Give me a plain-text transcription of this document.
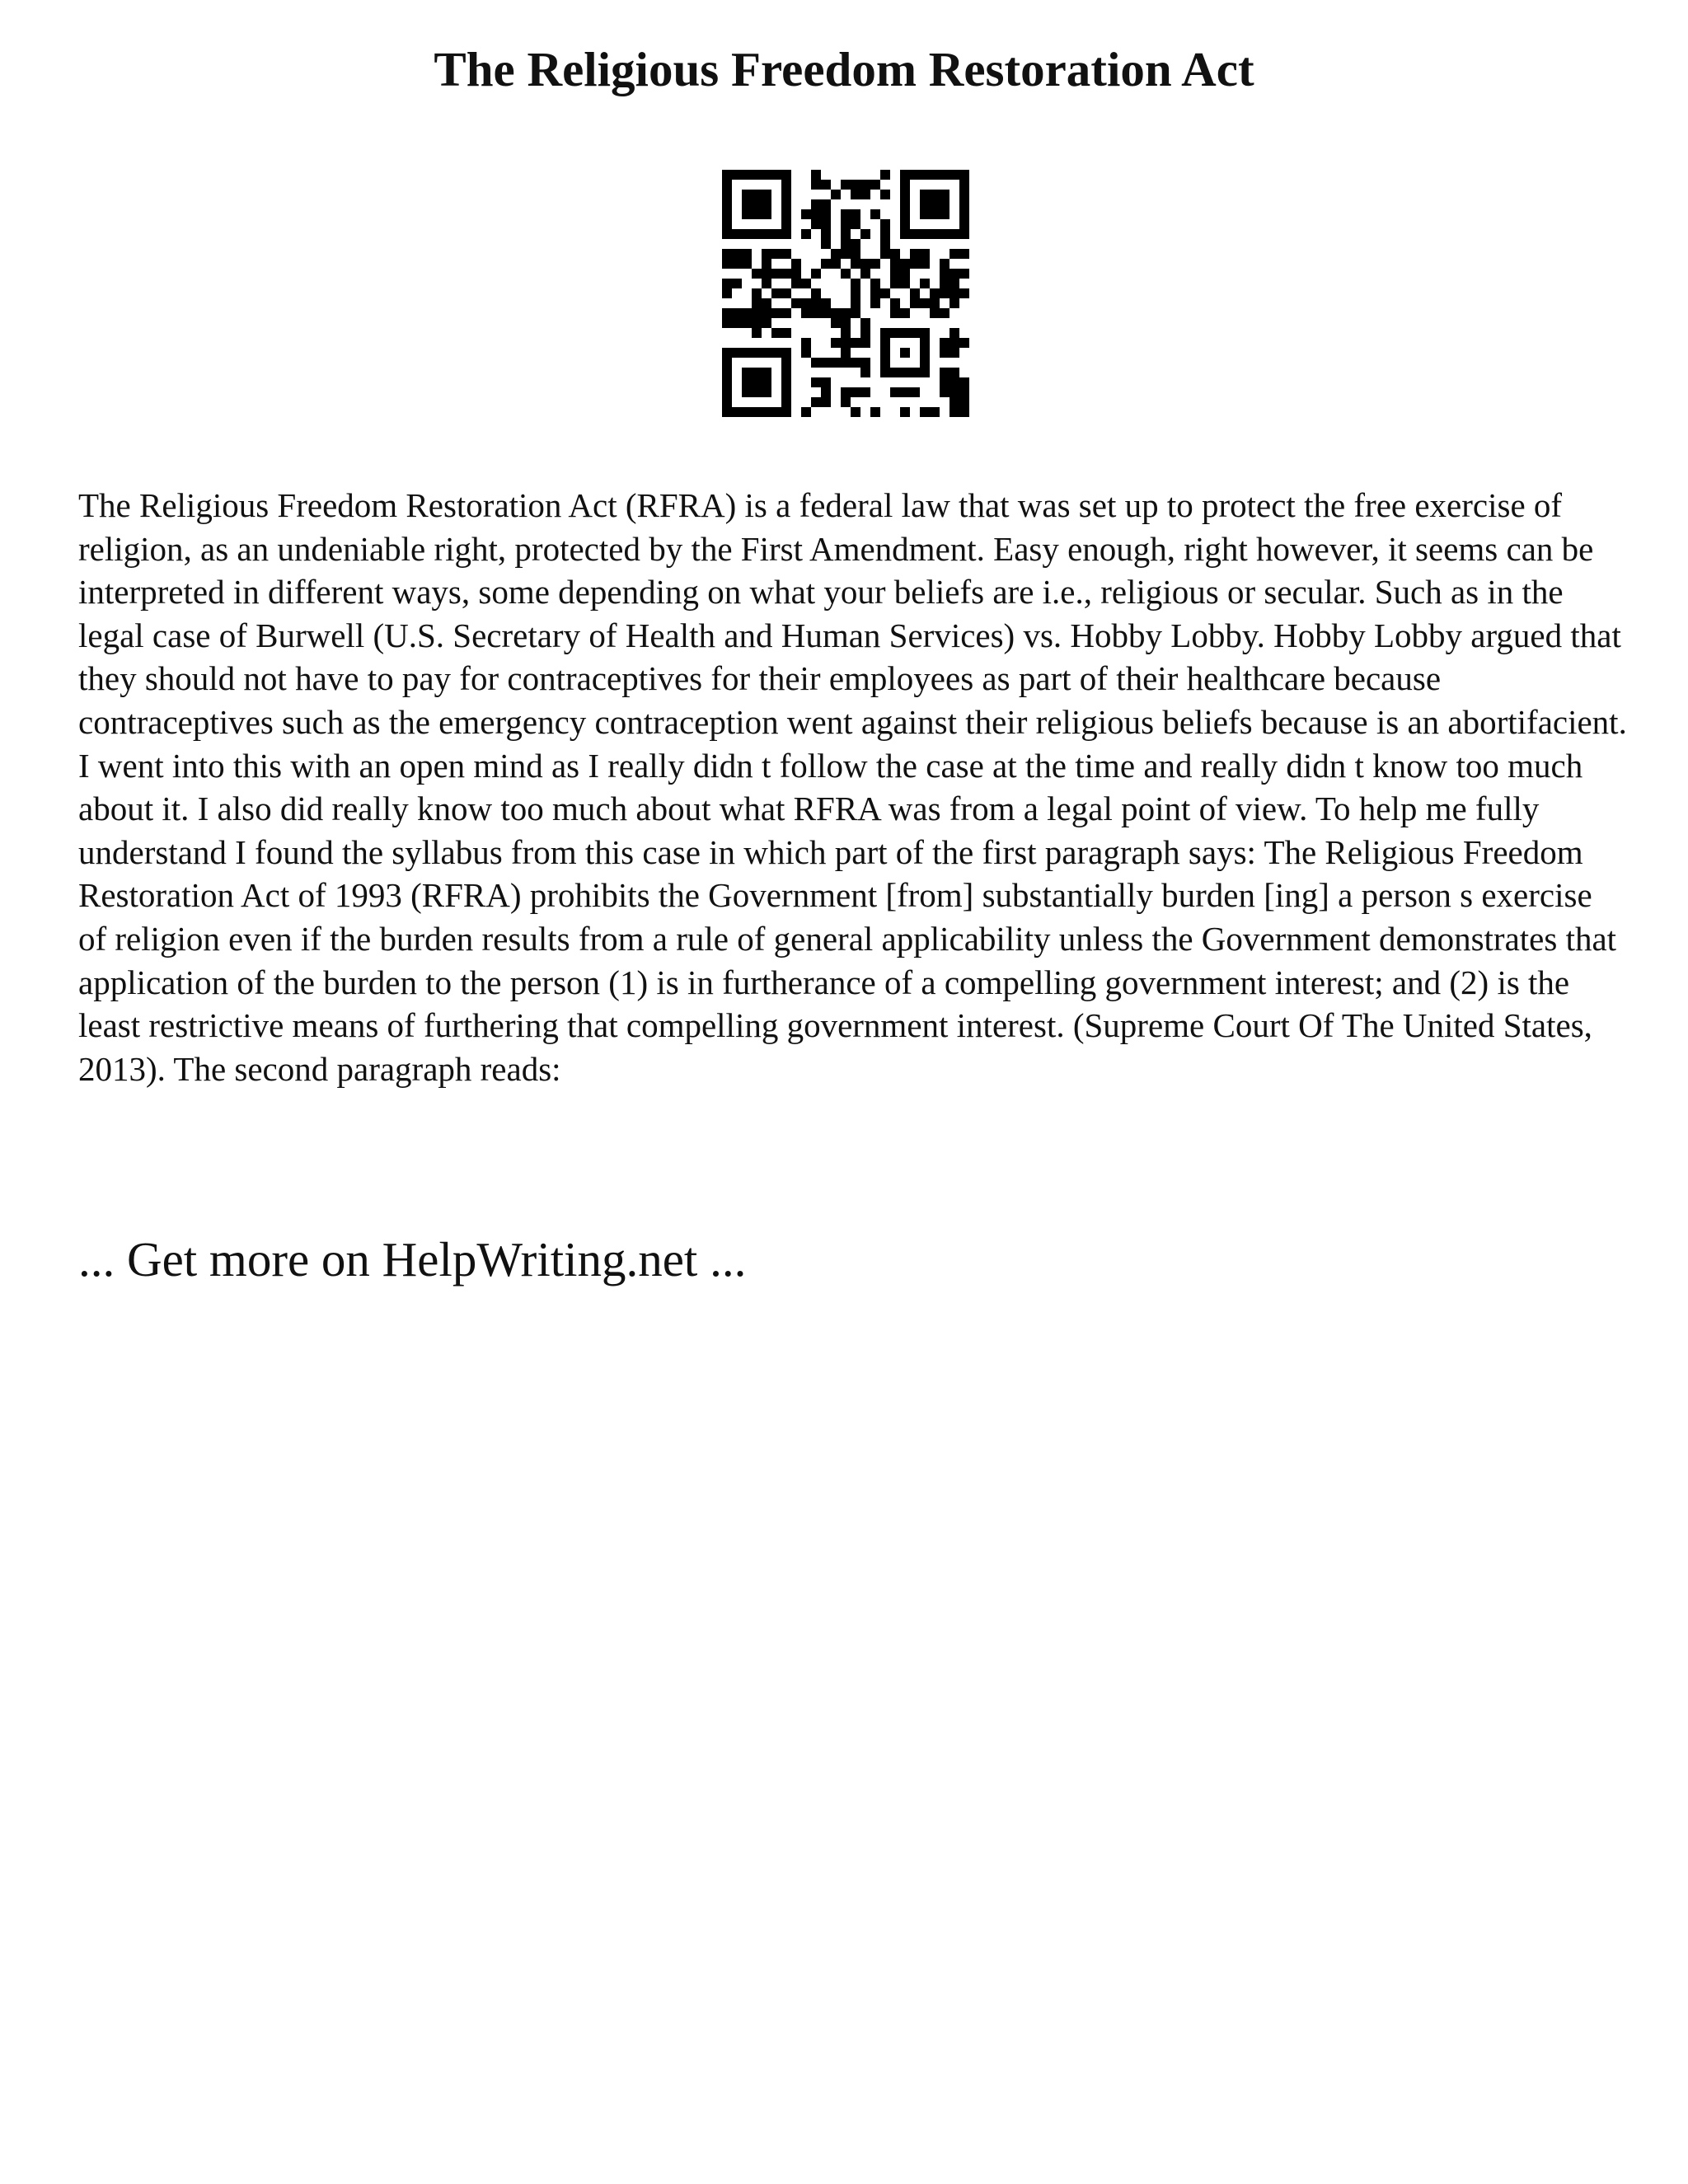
The Religious Freedom Restoration Act

The Religious Freedom Restoration Act (RFRA) is a federal law that was set up to protect the free exercise of religion, as an undeniable right, protected by the First Amendment. Easy enough, right however, it seems can be interpreted in different ways, some depending on what your beliefs are i.e., religious or secular. Such as in the legal case of Burwell (U.S. Secretary of Health and Human Services) vs. Hobby Lobby. Hobby Lobby argued that they should not have to pay for contraceptives for their employees as part of their healthcare because contraceptives such as the emergency contraception went against their religious beliefs because is an abortifacient.

I went into this with an open mind as I really didn t follow the case at the time and really didn t know too much about it. I also did really know too much about what RFRA was from a legal point of view. To help me fully understand I found the syllabus from this case in which part of the first paragraph says: The Religious Freedom Restoration Act of 1993 (RFRA) prohibits the Government [from] substantially burden [ing] a person s exercise of religion even if the burden results from a rule of general applicability unless the Government demonstrates that application of the burden to the person (1) is in furtherance of a compelling government interest; and (2) is the least restrictive means of furthering that compelling government interest. (Supreme Court Of The United States, 2013). The second paragraph reads:

... Get more on HelpWriting.net ...
